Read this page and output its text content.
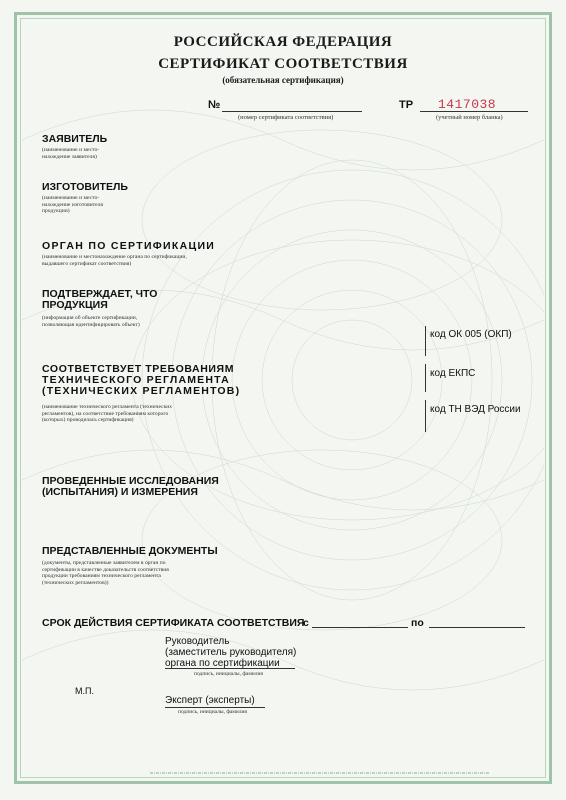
РОССИЙСКАЯ ФЕДЕРАЦИЯ
СЕРТИФИКАТ СООТВЕТСТВИЯ
(обязательная сертификация)
№
(номер сертификата соответствия)
ТР 1417038
(учетный номер бланка)
ЗАЯВИТЕЛЬ
(наименование и место-
нахождение заявителя)
ИЗГОТОВИТЕЛЬ
(наименование и место-
нахождение изготовителя
продукции)
ОРГАН ПО СЕРТИФИКАЦИИ
(наименование и местонахождение органа по сертификации,
выдавшего сертификат соответствия)
ПОДТВЕРЖДАЕТ, ЧТО
ПРОДУКЦИЯ
(информация об объекте сертификации,
позволяющая идентифицировать объект)
код ОК 005 (ОКП)
код ЕКПС
код ТН ВЭД России
СООТВЕТСТВУЕТ ТРЕБОВАНИЯМ
ТЕХНИЧЕСКОГО РЕГЛАМЕНТА
(ТЕХНИЧЕСКИХ РЕГЛАМЕНТОВ)
(наименование технического регламента (технических
регламентов), на соответствие требованиям которого
(которых) проводилась сертификация)
ПРОВЕДЕННЫЕ ИССЛЕДОВАНИЯ
(ИСПЫТАНИЯ) И ИЗМЕРЕНИЯ
ПРЕДСТАВЛЕННЫЕ ДОКУМЕНТЫ
(документы, представленные заявителем в орган по
сертификации в качестве доказательств соответствия
продукции требованиям технического регламента
(технических регламентов))
СРОК ДЕЙСТВИЯ СЕРТИФИКАТА СООТВЕТСТВИЯ
с	по
Руководитель
(заместитель руководителя)
органа по сертификации
подпись, инициалы, фамилия
М.П.
Эксперт (эксперты)
подпись, инициалы, фамилия
